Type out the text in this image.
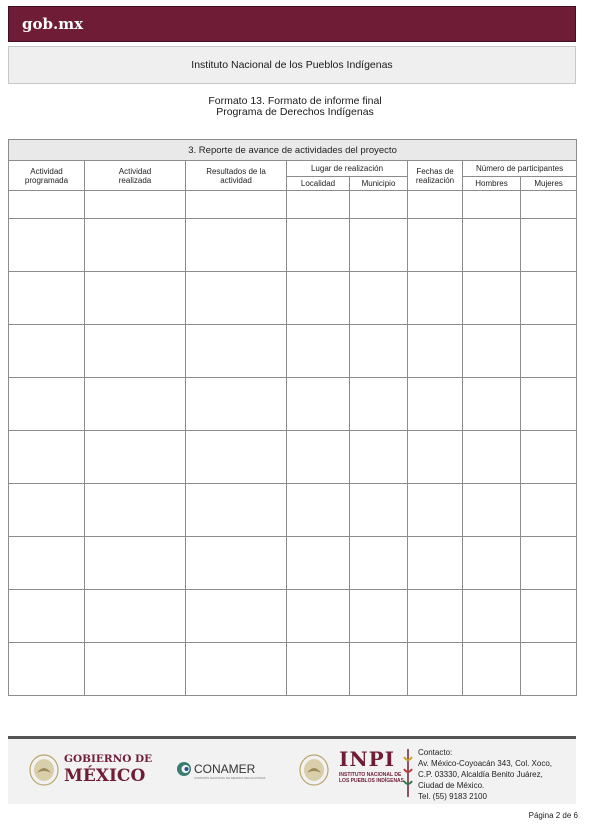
gob.mx
Instituto Nacional de los Pueblos Indígenas
Formato 13. Formato de informe final
Programa de Derechos Indígenas
3. Reporte de avance de actividades del proyecto							
Actividad programada	Actividad realizada	Resultados de la actividad	Lugar de realización		Fechas de realización	Número de participantes	
			Localidad	Municipio		Hombres	Mujeres

GOBIERNO DE
MÉXICO	CONAMER
COMISIÓN NACIONAL DE MEJORA REGULATORIA
INPI
INSTITUTO NACIONAL DE LOS PUEBLOS INDÍGENAS
Contacto:
Av. México-Coyoacán 343, Col. Xoco,
C.P. 03330, Alcaldía Benito Juárez,
Ciudad de México.
Tel. (55) 9183 2100
Página 2 de 6
